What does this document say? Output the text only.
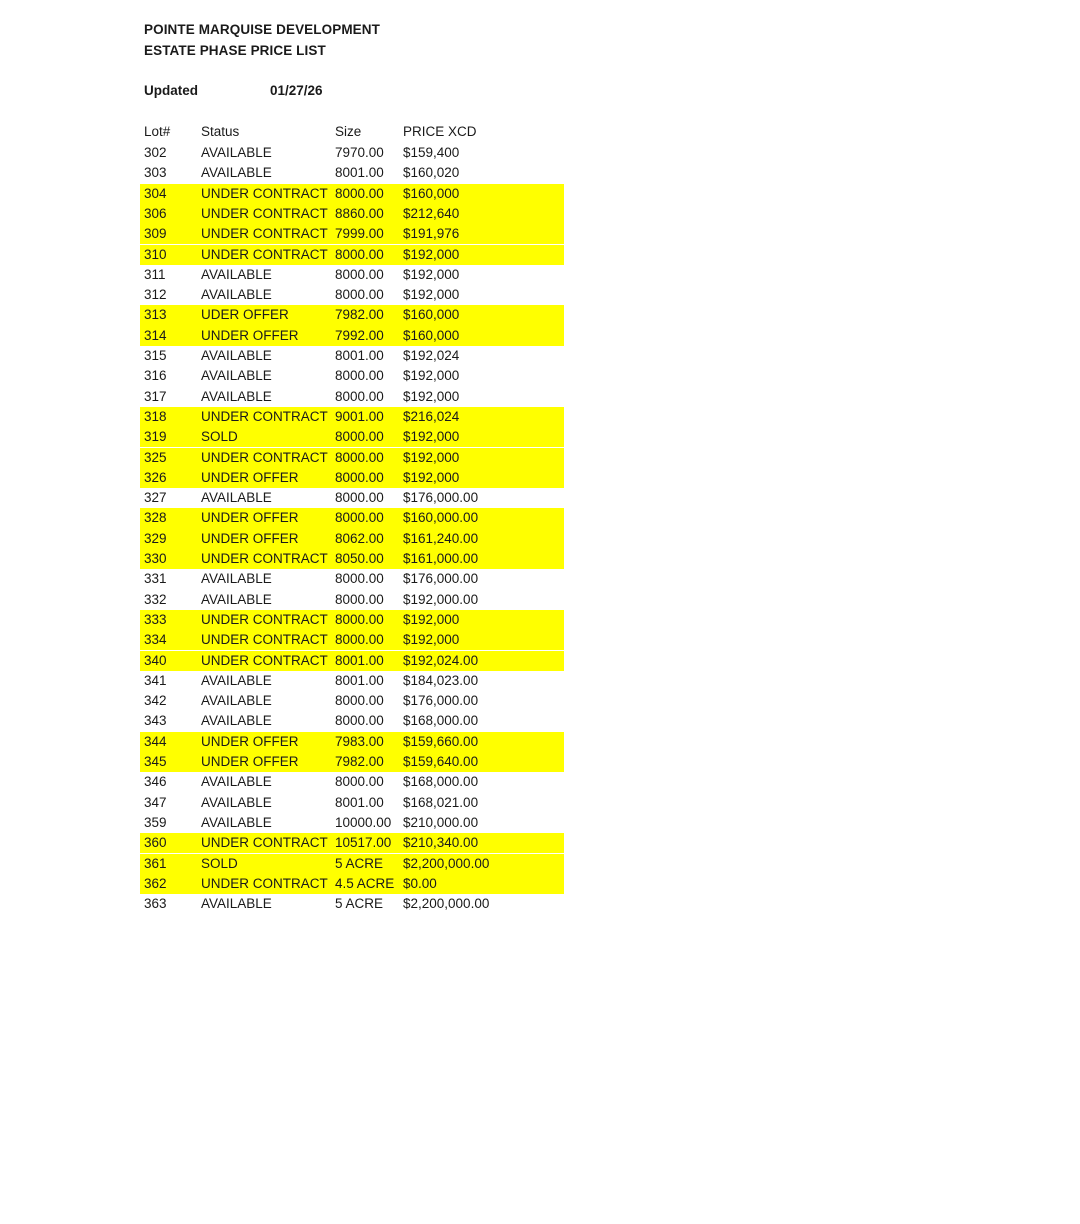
POINTE MARQUISE DEVELOPMENT
ESTATE PHASE PRICE LIST
Updated	01/27/26
Lot# Status	Size	PRICE XCD
302	AVAILABLE	7970.00 $159,400
303	AVAILABLE	8001.00 $160,020
304	UNDER CONTRACT 8000.00 $160,000
306	UNDER CONTRACT 8860.00 $212,640
309	UNDER CONTRACT 7999.00 $191,976
310	UNDER CONTRACT 8000.00 $192,000
311	AVAILABLE	8000.00 $192,000
312	AVAILABLE	8000.00 $192,000
313	UDER OFFER	7982.00 $160,000
314	UNDER OFFER	7992.00 $160,000
315	AVAILABLE	8001.00 $192,024
316	AVAILABLE	8000.00 $192,000
317	AVAILABLE	8000.00 $192,000
318	UNDER CONTRACT 9001.00 $216,024
319	SOLD	8000.00 $192,000
325	UNDER CONTRACT 8000.00 $192,000
326	UNDER OFFER	8000.00 $192,000
327	AVAILABLE	8000.00 $176,000.00
328	UNDER OFFER	8000.00 $160,000.00
329	UNDER OFFER	8062.00 $161,240.00
330	UNDER CONTRACT 8050.00 $161,000.00
331	AVAILABLE	8000.00 $176,000.00
332	AVAILABLE	8000.00 $192,000.00
333	UNDER CONTRACT 8000.00 $192,000
334	UNDER CONTRACT 8000.00 $192,000
340	UNDER CONTRACT 8001.00 $192,024.00
341	AVAILABLE	8001.00 $184,023.00
342	AVAILABLE	8000.00 $176,000.00
343	AVAILABLE	8000.00 $168,000.00
344	UNDER OFFER	7983.00 $159,660.00
345	UNDER OFFER	7982.00 $159,640.00
346	AVAILABLE	8000.00 $168,000.00
347	AVAILABLE	8001.00 $168,021.00
359	AVAILABLE	10000.00 $210,000.00
360	UNDER CONTRACT 10517.00 $210,340.00
361	SOLD	5 ACRE $2,200,000.00
362	UNDER CONTRACT 4.5 ACRE $0.00
363	AVAILABLE	5 ACRE $2,200,000.00
